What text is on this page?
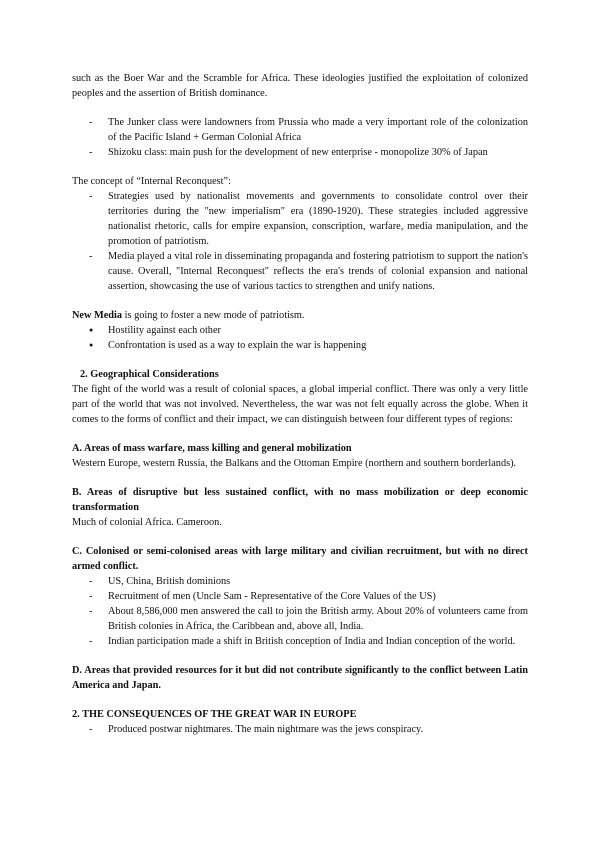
such as the Boer War and the Scramble for Africa. These ideologies justified the exploitation of colonized peoples and the assertion of British dominance.

- The Junker class were landowners from Prussia who made a very important role of the colonization of the Pacific Island + German Colonial Africa
- Shizoku class: main push for the development of new enterprise - monopolize 30% of Japan

The concept of “Internal Reconquest”:

- Strategies used by nationalist movements and governments to consolidate control over their territories during the "new imperialism" era (1890-1920). These strategies included aggressive nationalist rhetoric, calls for empire expansion, conscription, warfare, media manipulation, and the promotion of patriotism.
- Media played a vital role in disseminating propaganda and fostering patriotism to support the nation's cause. Overall, "Internal Reconquest" reflects the era's trends of colonial expansion and national assertion, showcasing the use of various tactics to strengthen and unify nations.

New Media is going to foster a new mode of patriotism.

● Hostility against each other
● Confrontation is used as a way to explain the war is happening

2. Geographical Considerations

The fight of the world was a result of colonial spaces, a global imperial conflict. There was only a very little part of the world that was not involved. Nevertheless, the war was not felt equally across the globe. When it comes to the forms of conflict and their impact, we can distinguish between four different types of regions:

A. Areas of mass warfare, mass killing and general mobilization

Western Europe, western Russia, the Balkans and the Ottoman Empire (northern and southern borderlands).

B. Areas of disruptive but less sustained conflict, with no mass mobilization or deep economic transformation

Much of colonial Africa. Cameroon.

C. Colonised or semi-colonised areas with large military and civilian recruitment, but with no direct armed conflict.

- US, China, British dominions
- Recruitment of men (Uncle Sam - Representative of the Core Values of the US)
- About 8,586,000 men answered the call to join the British army. About 20% of volunteers came from British colonies in Africa, the Caribbean and, above all, India.
- Indian participation made a shift in British conception of India and Indian conception of the world.

D. Areas that provided resources for it but did not contribute significantly to the conflict between Latin America and Japan.

2. THE CONSEQUENCES OF THE GREAT WAR IN EUROPE

- Produced postwar nightmares. The main nightmare was the jews conspiracy.
